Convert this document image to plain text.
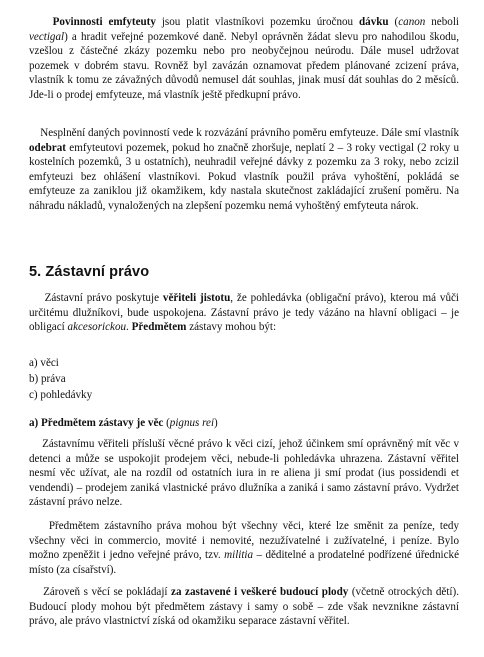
Povinnosti emfyteuty jsou platit vlastníkovi pozemku úročnou dávku (canon neboli vectigal) a hradit veřejné pozemkové daně. Nebyl oprávněn žádat slevu pro nahodilou škodu, vzešlou z částečné zkázy pozemku nebo pro neobyčejnou neúrodu. Dále musel udržovat pozemek v dobrém stavu. Rovněž byl zavázán oznamovat předem plánované zcizení práva, vlastník k tomu ze závažných důvodů nemusel dát souhlas, jinak musí dát souhlas do 2 měsíců. Jde-li o prodej emfyteuze, má vlastník ještě předkupní právo.

Nesplnění daných povinností vede k rozvázání právního poměru emfyteuze. Dále smí vlastník odebrat emfyteutovi pozemek, pokud ho značně zhoršuje, neplatí 2 – 3 roky vectigal (2 roky u kostelních pozemků, 3 u ostatních), neuhradil veřejné dávky z pozemku za 3 roky, nebo zcizil emfyteuzi bez ohlášení vlastníkovi. Pokud vlastník použil práva vyhoštění, pokládá se emfyteuze za zaniklou již okamžikem, kdy nastala skutečnost zakládající zrušení poměru. Na náhradu nákladů, vynaložených na zlepšení pozemku nemá vyhoštěný emfyteuta nárok.

5. Zástavní právo

Zástavní právo poskytuje věřiteli jistotu, že pohledávka (obligační právo), kterou má vůči určitému dlužníkovi, bude uspokojena. Zástavní právo je tedy vázáno na hlavní obligaci – je obligací akcesorickou. Předmětem zástavy mohou být:

a) věci
b) práva
c) pohledávky
a) Předmětem zástavy je věc (pignus rei)

Zástavnímu věřiteli přísluší věcné právo k věci cizí, jehož účinkem smí oprávněný mít věc v detenci a může se uspokojit prodejem věci, nebude-li pohledávka uhrazena. Zástavní věřitel nesmí věc užívat, ale na rozdíl od ostatních iura in re aliena ji smí prodat (ius possidendi et vendendi) – prodejem zaniká vlastnické právo dlužníka a zaniká i samo zástavní právo. Vydržet zástavní právo nelze.

Předmětem zástavního práva mohou být všechny věci, které lze směnit za peníze, tedy všechny věci in commercio, movité i nemovité, nezužívatelné i zužívatelné, i peníze. Bylo možno zpeněžit i jedno veřejné právo, tzv. militia – děditelné a prodatelné podřízené úřednické místo (za císařství).

Zároveň s věcí se pokládají za zastavené i veškeré budoucí plody (včetně otrockých dětí). Budoucí plody mohou být předmětem zástavy i samy o sobě – zde však nevznikne zástavní právo, ale právo vlastnictví získá od okamžiku separace zástavní věřitel.
